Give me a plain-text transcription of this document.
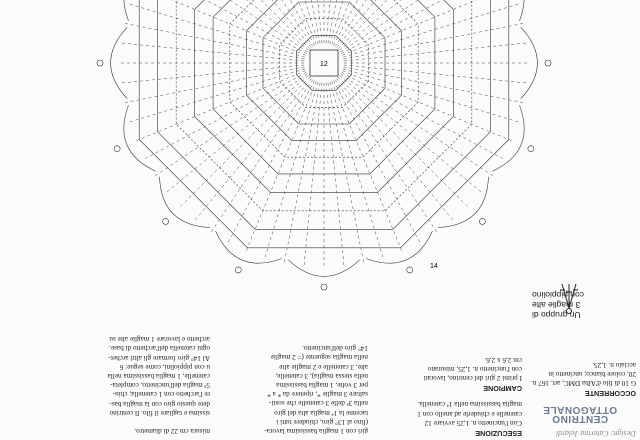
12
14
Un gruppo di
3 maglie alte
con pippiolino

misura cm 22 di diametro.

sissima e tagliare il filo. Il centrino

dere questo giro con la maglia bas-

re l'archetto con 1 catenella; chiu-

5ª maglia dell'uncinetto, completa-

catenelle, 1 maglia bassissima nella

u con pippiolini, come segue: 6

Al 14° giro formare gli altri archet-

ogni catenella dell'archetto di base.

archetto e lavorare 1 maglie alte su

giri con 1 maglia bassissima lavora-

(fino al 13° giro, chiudere tutti i

tacenne la 1ª maglia alta del giro

nella 3ª delle 3 catenelle che sosti-

saltare 3 maglie *, ripetere da * a *

per 3 volte, 1 maglia bassissima

nella stessa maglia), 3 catenelle,

alte, 3 catenelle e 2 maglie alte

nella maglia seguente (= 2 maglie

14° giro dell'uncinetto.

ESECUZIONE

Con l'uncinetto n. 1,25 avviare 12

catenelle e chiuderle ad anello con 1

maglia bassissima nella 1ª catenella.

CAMPIONE

I primi 2 giri del centrino, lavorati

con l'uncinetto n. 1,25, misurano

cm 2,6 x 2,6.

Design: Caterina Jelardi

CENTRINO

OTTAGONALE

OCCORRENTE

G 10 di filo d'Alba DMC, art. 167 n.

20, colore bianco; uncinetto in

acciaio n. 1,25.
